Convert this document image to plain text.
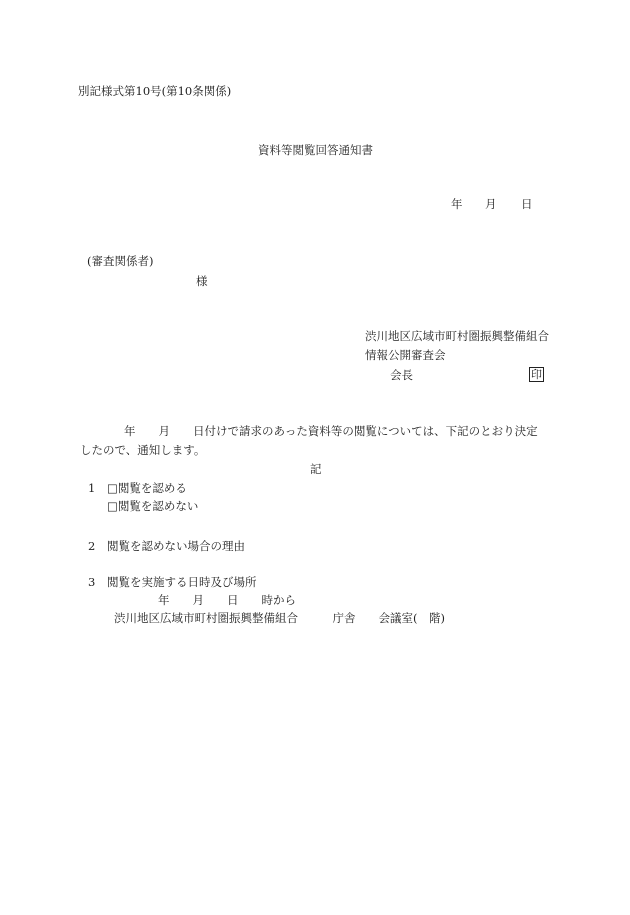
別記様式第10号(第10条関係)
資料等閲覧回答通知書
年 月 日
(審査関係者)
様
渋川地区広域市町村圏振興整備組合
情報公開審査会
会長	印
年　　月　　日付けで請求のあった資料等の閲覧については、下記のとおり決定
したので、通知します。
記
1 □閲覧を認める
□閲覧を認めない
2 閲覧を認めない場合の理由
3 閲覧を実施する日時及び場所
年　　月　　日　　時から
渋川地区広域市町村圏振興整備組合　　　庁舎　　会議室(　階)
